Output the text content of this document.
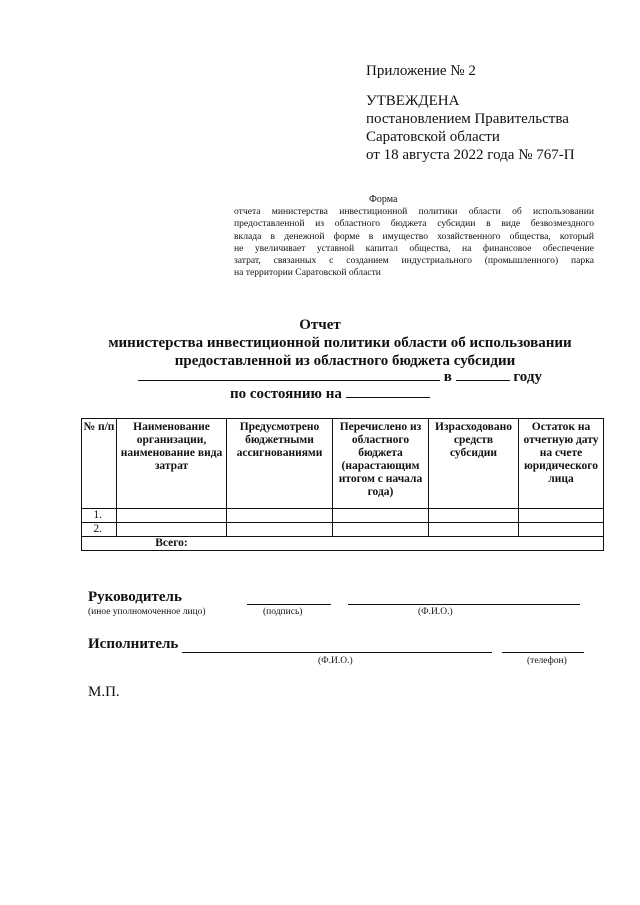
Приложение № 2
УТВЕЖДЕНА
постановлением Правительства
Саратовской области
от 18 августа 2022 года № 767-П
Форма
отчета министерства инвестиционной политики области об использовании
предоставленной из областного бюджета субсидии в виде безвозмездного
вклада в денежной форме в имущество хозяйственного общества, который
не увеличивает уставной капитал общества, на финансовое обеспечение
затрат, связанных с созданием индустриального (промышленного) парка
на территории Саратовской области
Отчет
министерства инвестиционной политики области об использовании
предоставленной из областного бюджета субсидии
в	году
по состоянию на
№ п/п	Наименование организации, наименование вида затрат	Предусмотрено бюджетными ассигнованиями	Перечислено из областного бюджета (нарастающим итогом с начала года)	Израсходовано средств субсидии	Остаток на отчетную дату на счете юридического лица
1.					
2.					
	Всего:				
Руководитель
(иное уполномоченное лицо)	(подпись)	(Ф.И.О.)
Исполнитель
(Ф.И.О.)	(телефон)
М.П.
